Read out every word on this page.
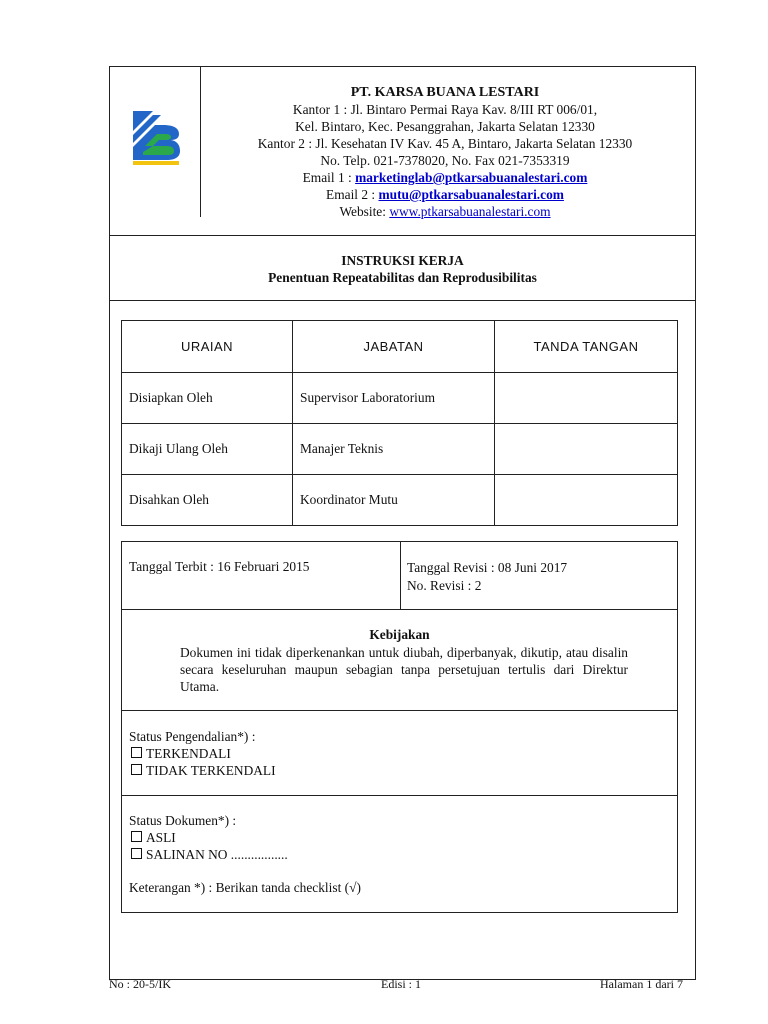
PT. KARSA BUANA LESTARI
Kantor 1 : Jl. Bintaro Permai Raya Kav. 8/III RT 006/01,
Kel. Bintaro, Kec. Pesanggrahan, Jakarta Selatan 12330
Kantor 2 : Jl. Kesehatan IV Kav. 45 A, Bintaro, Jakarta Selatan 12330
No. Telp. 021-7378020, No. Fax 021-7353319
Email 1 : marketinglab@ptkarsabuanalestari.com
Email 2 : mutu@ptkarsabuanalestari.com
Website: www.ptkarsabuanalestari.com
INSTRUKSI KERJA
Penentuan Repeatabilitas dan Reprodusibilitas
URAIAN	JABATAN	TANDA TANGAN
Disiapkan Oleh	Supervisor Laboratorium	
Dikaji Ulang Oleh	Manajer Teknis	
Disahkan Oleh	Koordinator Mutu	
Tanggal Terbit : 16 Februari 2015	Tanggal Revisi : 08 Juni 2017
No. Revisi : 2
Kebijakan
Dokumen ini tidak diperkenankan untuk diubah, diperbanyak, dikutip, atau disalin secara keseluruhan maupun sebagian tanpa persetujuan tertulis dari Direktur Utama.
Status Pengendalian*) :
TERKENDALI
TIDAK TERKENDALI
Status Dokumen*) :
ASLI
SALINAN NO .................
Keterangan *) : Berikan tanda checklist (√)
No : 20-5/IK	Edisi : 1	Halaman 1 dari 7
